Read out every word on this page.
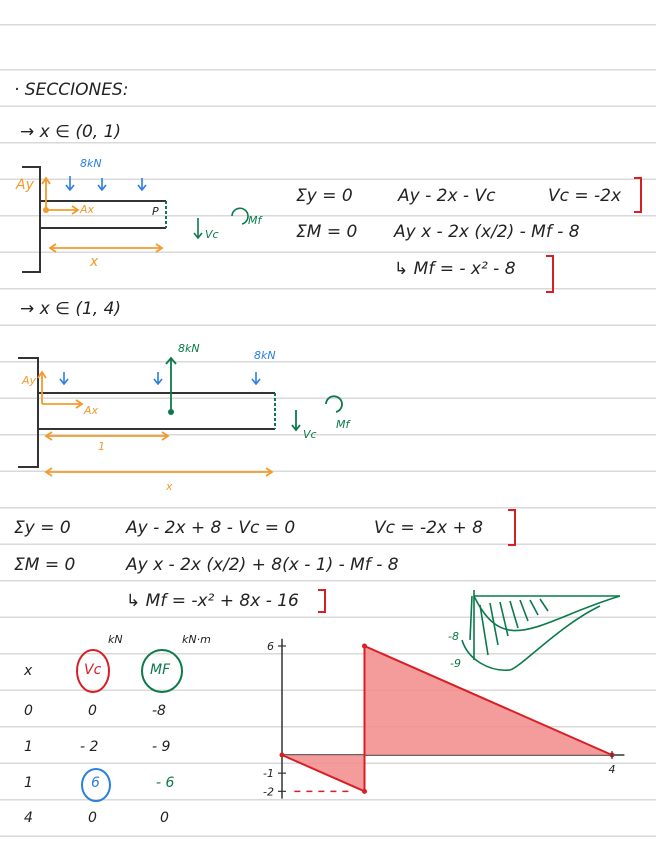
· SECCIONES:
→ x ∈ (0, 1)
6
-1
-2
4
8kN
Ay
Ax	P
x
Vc
Mf
Σy = 0	Ay - 2x - Vc	Vc = -2x
ΣM = 0 Ay x - 2x (x/2) - Mf - 8
↳ Mf = - x² - 8
→ x ∈ (1, 4)
8kN
8kN
Ay
Ax
1
x
Vc
Mf
Σy = 0	Ay - 2x + 8 - Vc = 0	Vc = -2x + 8
ΣM = 0	Ay x - 2x (x/2) + 8(x - 1) - Mf - 8
↳ Mf = -x² + 8x - 16
-8
-9
kN	kN·m
x	Vc	MF
0	0	-8
1	- 2	- 9
1	6	- 6
4	0	0
